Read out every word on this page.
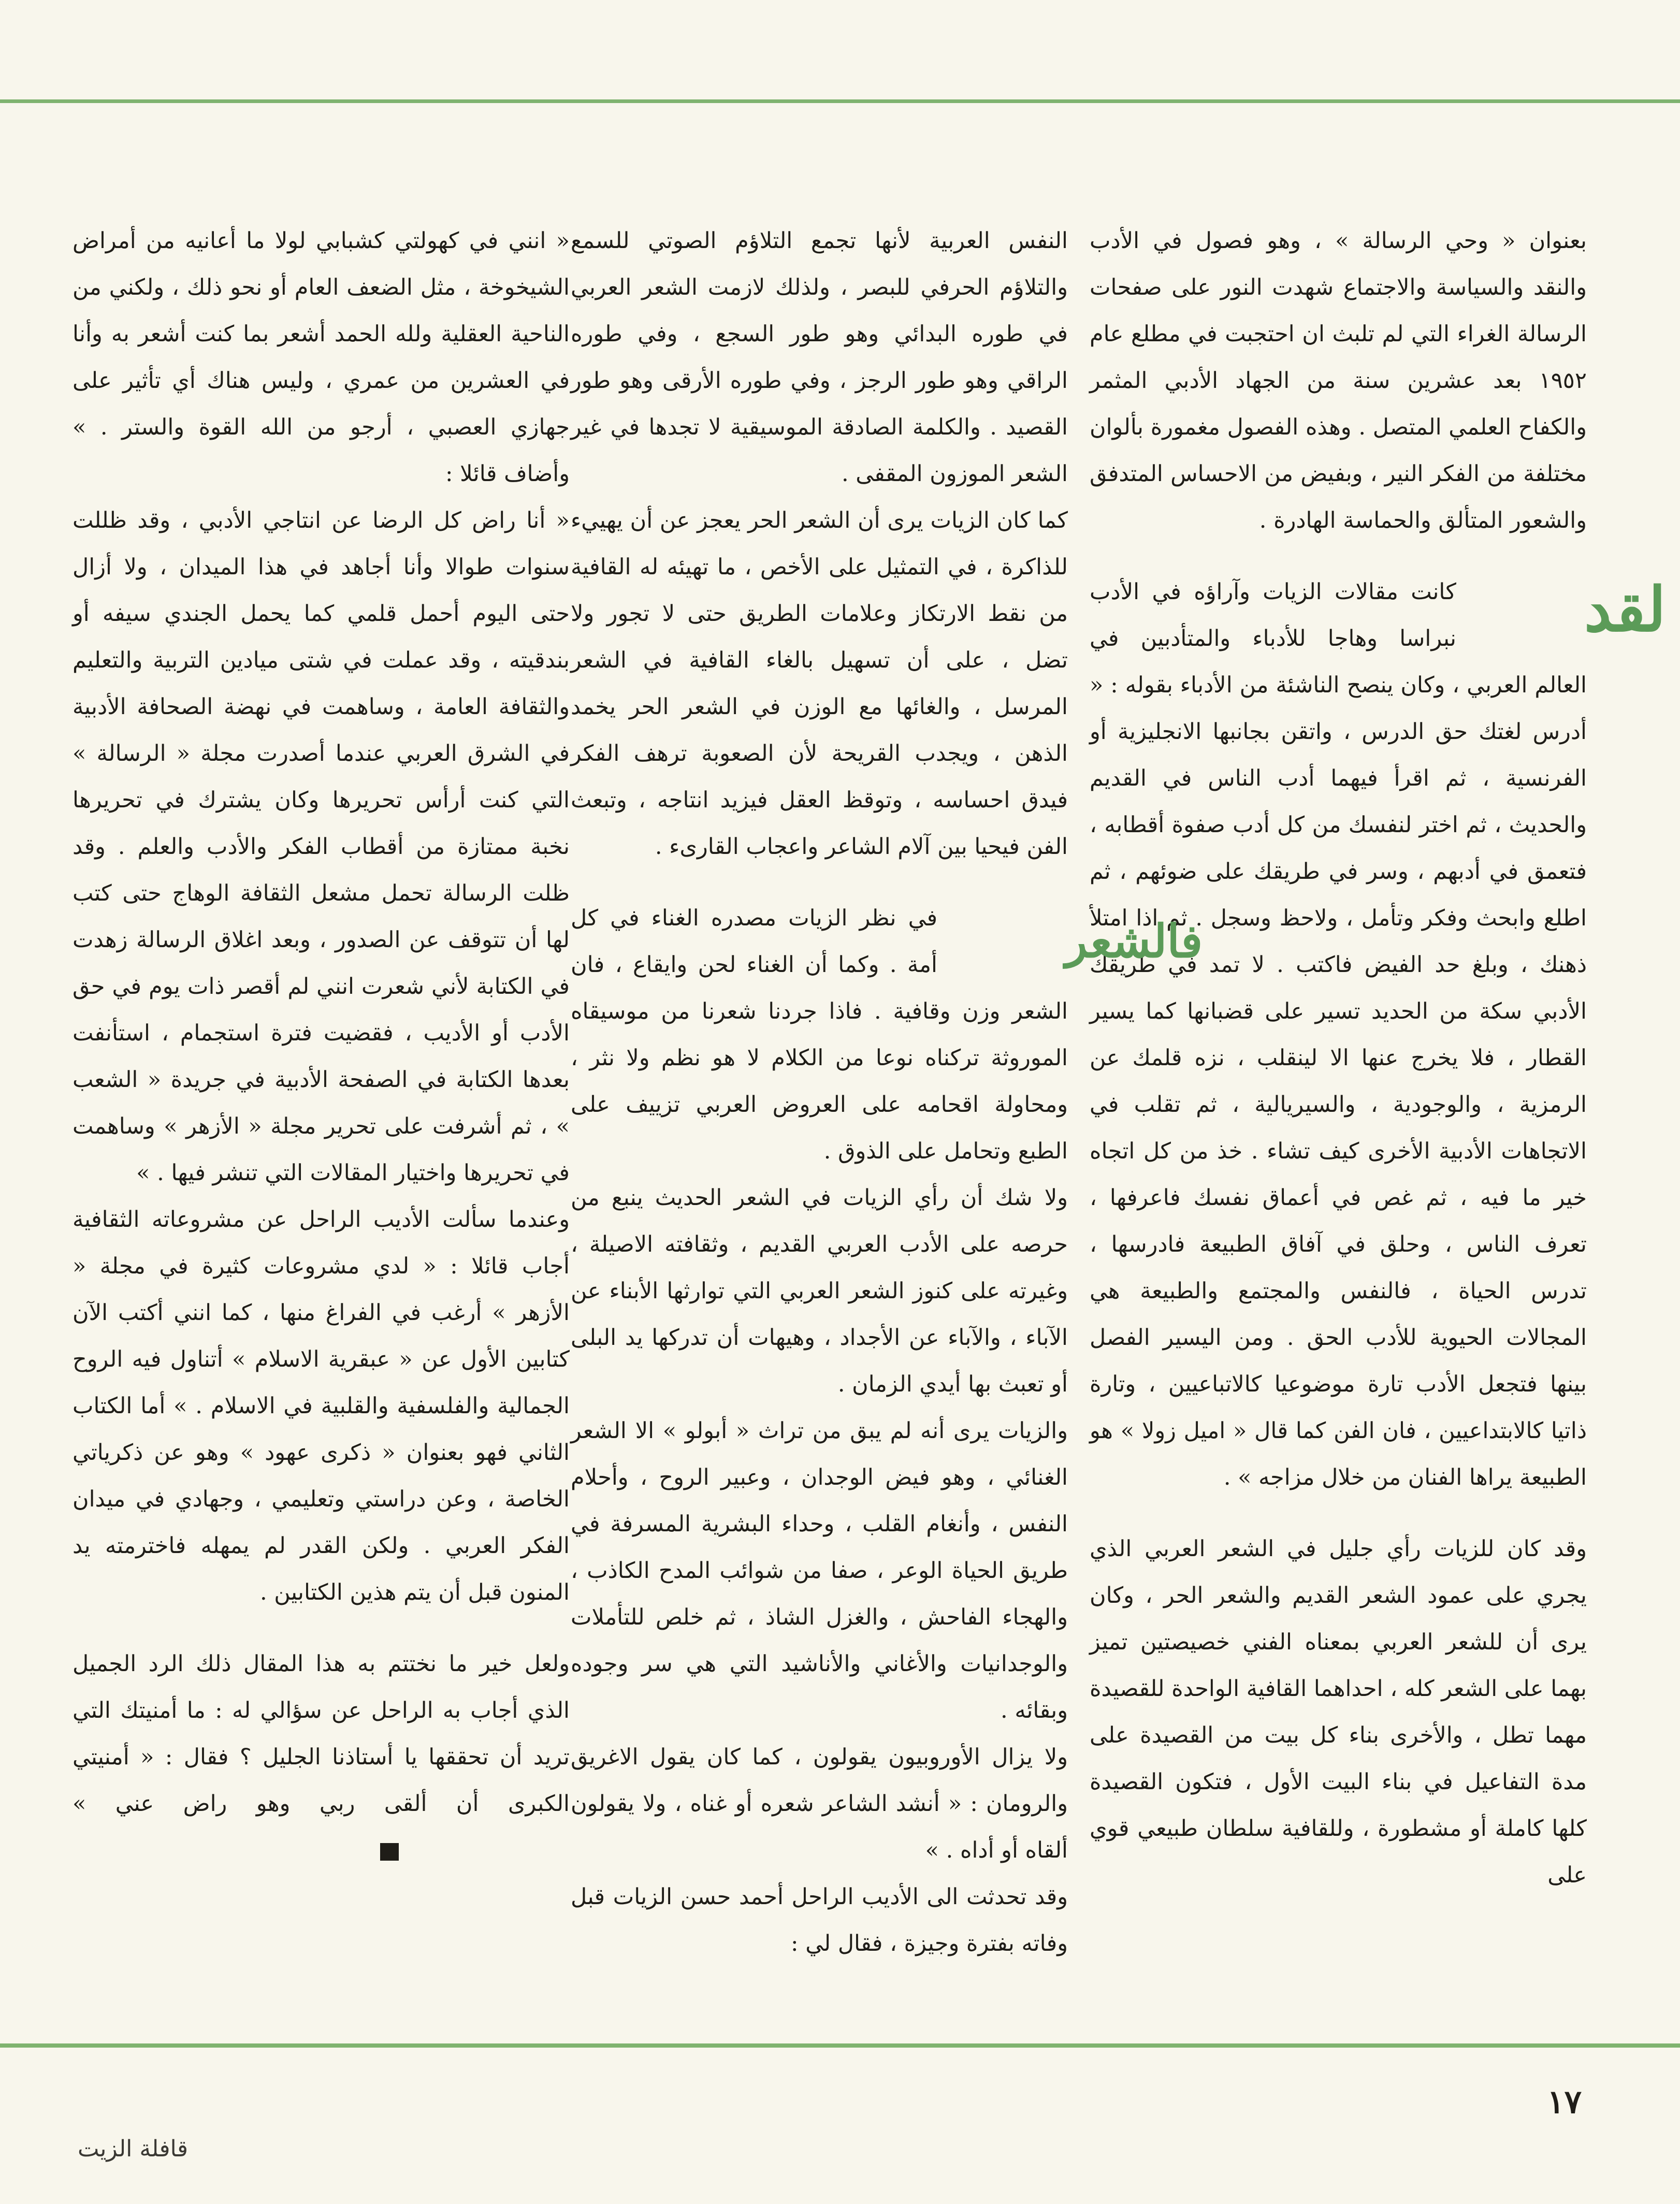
بعنوان « وحي الرسالة » ، وهو فصول في الأدب والنقد والسياسة والاجتماع شهدت النور على صفحات الرسالة الغراء التي لم تلبث ان احتجبت في مطلع عام ١٩٥٢ بعد عشرين سنة من الجهاد الأدبي المثمر والكفاح العلمي المتصل . وهذه الفصول مغمورة بألوان مختلفة من الفكر النير ، وبفيض من الاحساس المتدفق والشعور المتألق والحماسة الهادرة .

لقد
كانت مقالات الزيات وآراؤه في الأدب نبراسا وهاجا للأدباء والمتأدبين في العالم العربي ، وكان ينصح الناشئة من الأدباء بقوله : « أدرس لغتك حق الدرس ، واتقن بجانبها الانجليزية أو الفرنسية ، ثم اقرأ فيهما أدب الناس في القديم والحديث ، ثم اختر لنفسك من كل أدب صفوة أقطابه ، فتعمق في أدبهم ، وسر في طريقك على ضوئهم ، ثم اطلع وابحث وفكر وتأمل ، ولاحظ وسجل . ثم اذا امتلأ ذهنك ، وبلغ حد الفيض فاكتب . لا تمد في طريقك الأدبي سكة من الحديد تسير على قضبانها كما يسير القطار ، فلا يخرج عنها الا لينقلب ، نزه قلمك عن الرمزية ، والوجودية ، والسيريالية ، ثم تقلب في الاتجاهات الأدبية الأخرى كيف تشاء . خذ من كل اتجاه خير ما فيه ، ثم غص في أعماق نفسك فاعرفها ، تعرف الناس ، وحلق في آفاق الطبيعة فادرسها ، تدرس الحياة ، فالنفس والمجتمع والطبيعة هي المجالات الحيوية للأدب الحق . ومن اليسير الفصل بينها فتجعل الأدب تارة موضوعيا كالاتباعيين ، وتارة ذاتيا كالابتداعيين ، فان الفن كما قال « اميل زولا » هو الطبيعة يراها الفنان من خلال مزاجه » .

وقد كان للزيات رأي جليل في الشعر العربي الذي يجري على عمود الشعر القديم والشعر الحر ، وكان يرى أن للشعر العربي بمعناه الفني خصيصتين تميز بهما على الشعر كله ، احداهما القافية الواحدة للقصيدة مهما تطل ، والأخرى بناء كل بيت من القصيدة على مدة التفاعيل في بناء البيت الأول ، فتكون القصيدة كلها كاملة أو مشطورة ، وللقافية سلطان طبيعي قوي على

النفس العربية لأنها تجمع التلاؤم الصوتي للسمع والتلاؤم الحرفي للبصر ، ولذلك لازمت الشعر العربي في طوره البدائي وهو طور السجع ، وفي طوره الراقي وهو طور الرجز ، وفي طوره الأرقى وهو طور القصيد . والكلمة الصادقة الموسيقية لا تجدها في غير الشعر الموزون المقفى .

كما كان الزيات يرى أن الشعر الحر يعجز عن أن يهييء للذاكرة ، في التمثيل على الأخص ، ما تهيئه له القافية من نقط الارتكاز وعلامات الطريق حتى لا تجور ولا تضل ، على أن تسهيل بالغاء القافية في الشعر المرسل ، والغائها مع الوزن في الشعر الحر يخمد الذهن ، ويجدب القريحة لأن الصعوبة ترهف الفكر فيدق احساسه ، وتوقظ العقل فيزيد انتاجه ، وتبعث الفن فيحيا بين آلام الشاعر واعجاب القارىء .

فالشعر
في نظر الزيات مصدره الغناء في كل أمة . وكما أن الغناء لحن وايقاع ، فان الشعر وزن وقافية . فاذا جردنا شعرنا من موسيقاه الموروثة تركناه نوعا من الكلام لا هو نظم ولا نثر ، ومحاولة اقحامه على العروض العربي تزييف على الطبع وتحامل على الذوق .

ولا شك أن رأي الزيات في الشعر الحديث ينبع من حرصه على الأدب العربي القديم ، وثقافته الاصيلة ، وغيرته على كنوز الشعر العربي التي توارثها الأبناء عن الآباء ، والآباء عن الأجداد ، وهيهات أن تدركها يد البلى أو تعبث بها أيدي الزمان .

والزيات يرى أنه لم يبق من تراث « أبولو » الا الشعر الغنائي ، وهو فيض الوجدان ، وعبير الروح ، وأحلام النفس ، وأنغام القلب ، وحداء البشرية المسرفة في طريق الحياة الوعر ، صفا من شوائب المدح الكاذب ، والهجاء الفاحش ، والغزل الشاذ ، ثم خلص للتأملات والوجدانيات والأغاني والأناشيد التي هي سر وجوده وبقائه .

ولا يزال الأوروبيون يقولون ، كما كان يقول الاغريق والرومان : « أنشد الشاعر شعره أو غناه ، ولا يقولون ألقاه أو أداه . »

وقد تحدثت الى الأديب الراحل أحمد حسن الزيات قبل وفاته بفترة وجيزة ، فقال لي :

« انني في كهولتي كشبابي لولا ما أعانيه من أمراض الشيخوخة ، مثل الضعف العام أو نحو ذلك ، ولكني من الناحية العقلية ولله الحمد أشعر بما كنت أشعر به وأنا في العشرين من عمري ، وليس هناك أي تأثير على جهازي العصبي ، أرجو من الله القوة والستر . » وأضاف قائلا :

« أنا راض كل الرضا عن انتاجي الأدبي ، وقد ظللت سنوات طوالا وأنا أجاهد في هذا الميدان ، ولا أزال حتى اليوم أحمل قلمي كما يحمل الجندي سيفه أو بندقيته ، وقد عملت في شتى ميادين التربية والتعليم والثقافة العامة ، وساهمت في نهضة الصحافة الأدبية في الشرق العربي عندما أصدرت مجلة « الرسالة » التي كنت أرأس تحريرها وكان يشترك في تحريرها نخبة ممتازة من أقطاب الفكر والأدب والعلم . وقد ظلت الرسالة تحمل مشعل الثقافة الوهاج حتى كتب لها أن تتوقف عن الصدور ، وبعد اغلاق الرسالة زهدت في الكتابة لأني شعرت انني لم أقصر ذات يوم في حق الأدب أو الأديب ، فقضيت فترة استجمام ، استأنفت بعدها الكتابة في الصفحة الأدبية في جريدة « الشعب » ، ثم أشرفت على تحرير مجلة « الأزهر » وساهمت في تحريرها واختيار المقالات التي تنشر فيها . »

وعندما سألت الأديب الراحل عن مشروعاته الثقافية أجاب قائلا : « لدي مشروعات كثيرة في مجلة « الأزهر » أرغب في الفراغ منها ، كما انني أكتب الآن كتابين الأول عن « عبقرية الاسلام » أتناول فيه الروح الجمالية والفلسفية والقلبية في الاسلام . » أما الكتاب الثاني فهو بعنوان « ذكرى عهود » وهو عن ذكرياتي الخاصة ، وعن دراستي وتعليمي ، وجهادي في ميدان الفكر العربي . ولكن القدر لم يمهله فاخترمته يد المنون قبل أن يتم هذين الكتابين .

ولعل خير ما نختتم به هذا المقال ذلك الرد الجميل الذي أجاب به الراحل عن سؤالي له : ما أمنيتك التي تريد أن تحققها يا أستاذنا الجليل ؟ فقال : « أمنيتي الكبرى أن ألقى ربي وهو راض عني »

١٧
قافلة الزيت
